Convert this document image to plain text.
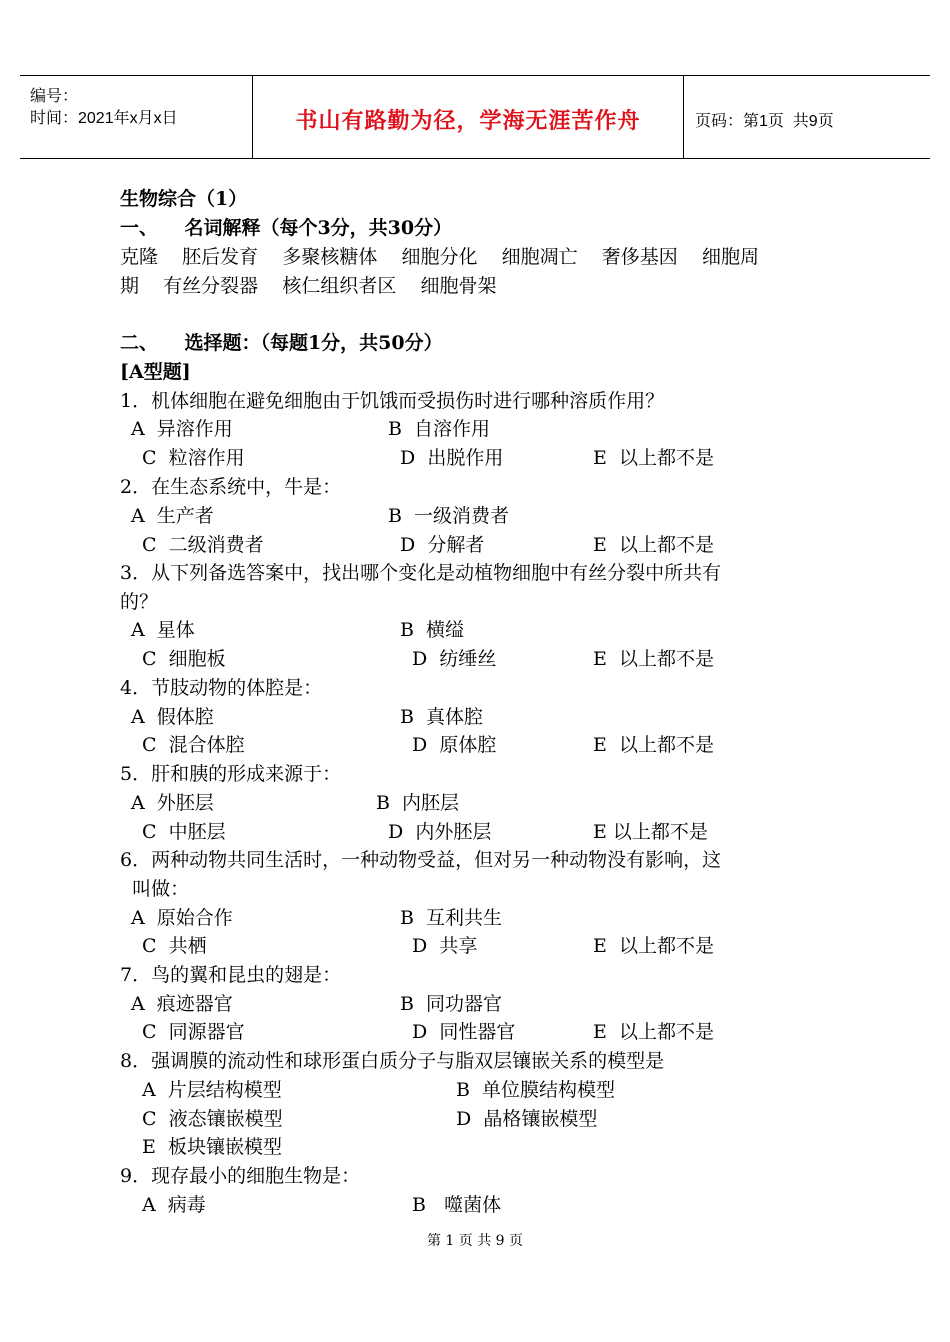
编号：
时间：2021年x月x日	书山有路勤为径，学海无涯苦作舟	页码：第1页  共9页
生物综合（1）
一、    名词解释（每个3分，共30分）
克隆    胚后发育    多聚核糖体    细胞分化    细胞凋亡    奢侈基因    细胞周
期    有丝分裂器    核仁组织者区    细胞骨架
二、    选择题：（每题1分，共50分）
[A型题]
1．机体细胞在避免细胞由于饥饿而受损伤时进行哪种溶质作用？
A  异溶作用	B  自溶作用
C  粒溶作用	D  出脱作用	E  以上都不是
2．在生态系统中，牛是：
A  生产者	B  一级消费者
C  二级消费者	D  分解者	E  以上都不是
3．从下列备选答案中，找出哪个变化是动植物细胞中有丝分裂中所共有
的？
A  星体	B  横缢
C  细胞板	D  纺缍丝	E  以上都不是
4．节肢动物的体腔是：
A  假体腔	B  真体腔
C  混合体腔	D  原体腔	E  以上都不是
5．肝和胰的形成来源于：
A  外胚层	B  内胚层
C  中胚层	D  内外胚层	E 以上都不是
6．两种动物共同生活时，一种动物受益，但对另一种动物没有影响，这
叫做：
A  原始合作	B  互利共生
C  共栖	D  共享	E  以上都不是
7．鸟的翼和昆虫的翅是：
A  痕迹器官	B  同功器官
C  同源器官	D  同性器官	E  以上都不是
8．强调膜的流动性和球形蛋白质分子与脂双层镶嵌关系的模型是
A  片层结构模型	B  单位膜结构模型
C  液态镶嵌模型	D  晶格镶嵌模型
E  板块镶嵌模型
9．现存最小的细胞生物是：
A  病毒	B   噬菌体
第 1 页 共 9 页
